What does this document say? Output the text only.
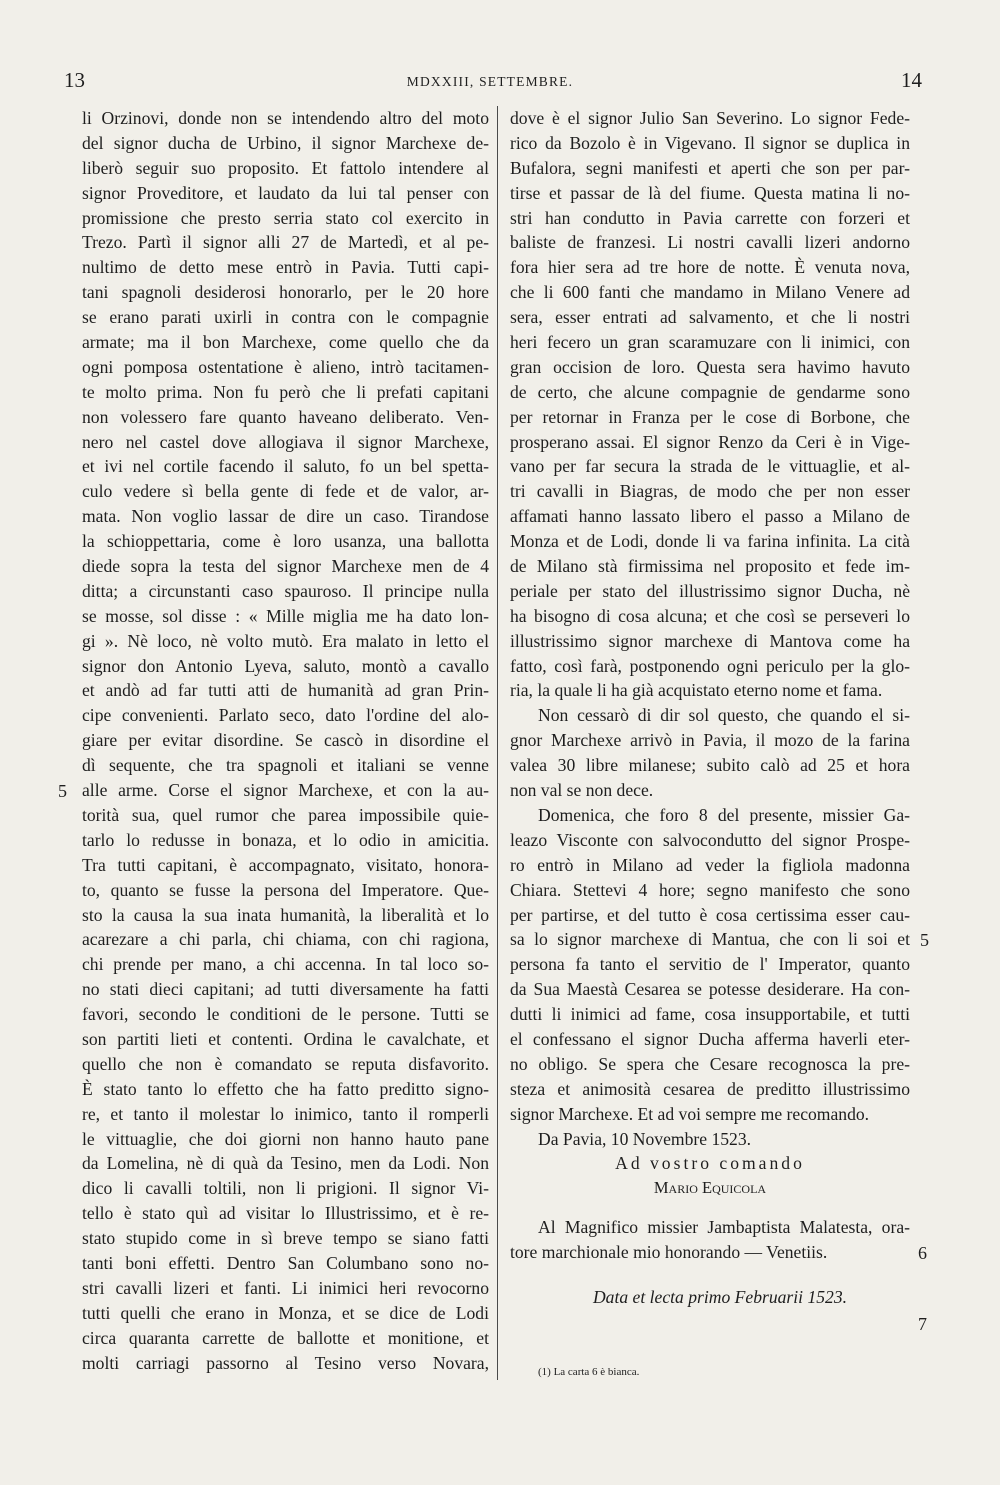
13	MDXXIII, SETTEMBRE.	14
li Orzinovi, donde non se intendendo altro del moto
del signor ducha de Urbino, il signor Marchexe de-
liberò seguir suo proposito. Et fattolo intendere al
signor Proveditore, et laudato da lui tal penser con
promissione che presto serria stato col exercito in
Trezo. Partì il signor alli 27 de Martedì, et al pe-
nultimo de detto mese entrò in Pavia. Tutti capi-
tani spagnoli desiderosi honorarlo, per le 20 hore
se erano parati uxirli in contra con le compagnie
armate; ma il bon Marchexe, come quello che da
ogni pomposa ostentatione è alieno, intrò tacitamen-
te molto prima. Non fu però che li prefati capitani
non volessero fare quanto haveano deliberato. Ven-
nero nel castel dove allogiava il signor Marchexe,
et ivi nel cortile facendo il saluto, fo un bel spetta-
culo vedere sì bella gente di fede et de valor, ar-
mata. Non voglio lassar de dire un caso. Tirandose
la schioppettaria, come è loro usanza, una ballotta
diede sopra la testa del signor Marchexe men de 4
ditta; a circunstanti caso spauroso. Il principe nulla
se mosse, sol disse : « Mille miglia me ha dato lon-
gi ». Nè loco, nè volto mutò. Era malato in letto el
signor don Antonio Lyeva, saluto, montò a cavallo
et andò ad far tutti atti de humanità ad gran Prin-
cipe convenienti. Parlato seco, dato l'ordine del alo-
giare per evitar disordine. Se cascò in disordine el
dì sequente, che tra spagnoli et italiani se venne
alle arme. Corse el signor Marchexe, et con la au-
torità sua, quel rumor che parea impossibile quie-
tarlo lo redusse in bonaza, et lo odio in amicitia.
Tra tutti capitani, è accompagnato, visitato, honora-
to, quanto se fusse la persona del Imperatore. Que-
sto la causa la sua inata humanità, la liberalità et lo
acarezare a chi parla, chi chiama, con chi ragiona,
chi prende per mano, a chi accenna. In tal loco so-
no stati dieci capitani; ad tutti diversamente ha fatti
favori, secondo le conditioni de le persone. Tutti se
son partiti lieti et contenti. Ordina le cavalchate, et
quello che non è comandato se reputa disfavorito.
È stato tanto lo effetto che ha fatto preditto signo-
re, et tanto il molestar lo inimico, tanto il romperli
le vittuaglie, che doi giorni non hanno hauto pane
da Lomelina, nè di quà da Tesino, men da Lodi. Non
dico li cavalli toltili, non li prigioni. Il signor Vi-
tello è stato quì ad visitar lo Illustrissimo, et è re-
stato stupido come in sì breve tempo se siano fatti
tanti boni effetti. Dentro San Columbano sono no-
stri cavalli lizeri et fanti. Li inimici heri revocorno
tutti quelli che erano in Monza, et se dice de Lodi
circa quaranta carrette de ballotte et monitione, et
molti carriagi passorno al Tesino verso Novara,
dove è el signor Julio San Severino. Lo signor Fede-
rico da Bozolo è in Vigevano. Il signor se duplica in
Bufalora, segni manifesti et aperti che son per par-
tirse et passar de là del fiume. Questa matina li no-
stri han condutto in Pavia carrette con forzeri et
baliste de franzesi. Li nostri cavalli lizeri andorno
fora hier sera ad tre hore de notte. È venuta nova,
che li 600 fanti che mandamo in Milano Venere ad
sera, esser entrati ad salvamento, et che li nostri
heri fecero un gran scaramuzare con li inimici, con
gran occision de loro. Questa sera havimo havuto
de certo, che alcune compagnie de gendarme sono
per retornar in Franza per le cose di Borbone, che
prosperano assai. El signor Renzo da Ceri è in Vige-
vano per far secura la strada de le vittuaglie, et al-
tri cavalli in Biagras, de modo che per non esser
affamati hanno lassato libero el passo a Milano de
Monza et de Lodi, donde li va farina infinita. La cità
de Milano stà firmissima nel proposito et fede im-
periale per stato del illustrissimo signor Ducha, nè
ha bisogno di cosa alcuna; et che così se perseveri lo
illustrissimo signor marchexe di Mantova come ha
fatto, così farà, postponendo ogni periculo per la glo-
ria, la quale li ha già acquistato eterno nome et fama.
Non cessarò di dir sol questo, che quando el si-
gnor Marchexe arrivò in Pavia, il mozo de la farina
valea 30 libre milanese; subito calò ad 25 et hora
non val se non dece.
Domenica, che foro 8 del presente, missier Ga-
leazo Visconte con salvocondutto del signor Prospe-
ro entrò in Milano ad veder la figliola madonna
Chiara. Stettevi 4 hore; segno manifesto che sono
per partirse, et del tutto è cosa certissima esser cau-
sa lo signor marchexe di Mantua, che con li soi et
persona fa tanto el servitio de l' Imperator, quanto
da Sua Maestà Cesarea se potesse desiderare. Ha con-
dutti li inimici ad fame, cosa insupportabile, et tutti
el confessano el signor Ducha afferma haverli eter-
no obligo. Se spera che Cesare recognosca la pre-
steza et animosità cesarea de preditto illustrissimo
signor Marchexe. Et ad voi sempre me recomando.
Da Pavia, 10 Novembre 1523.
Ad vostro comando
Mario Equicola
Al Magnifico missier Jambaptista Malatesta, ora-
tore marchionale mio honorando — Venetiis.
Data et lecta primo Februarii 1523.
(1) La carta 6 è bianca.
5
5
6
7
